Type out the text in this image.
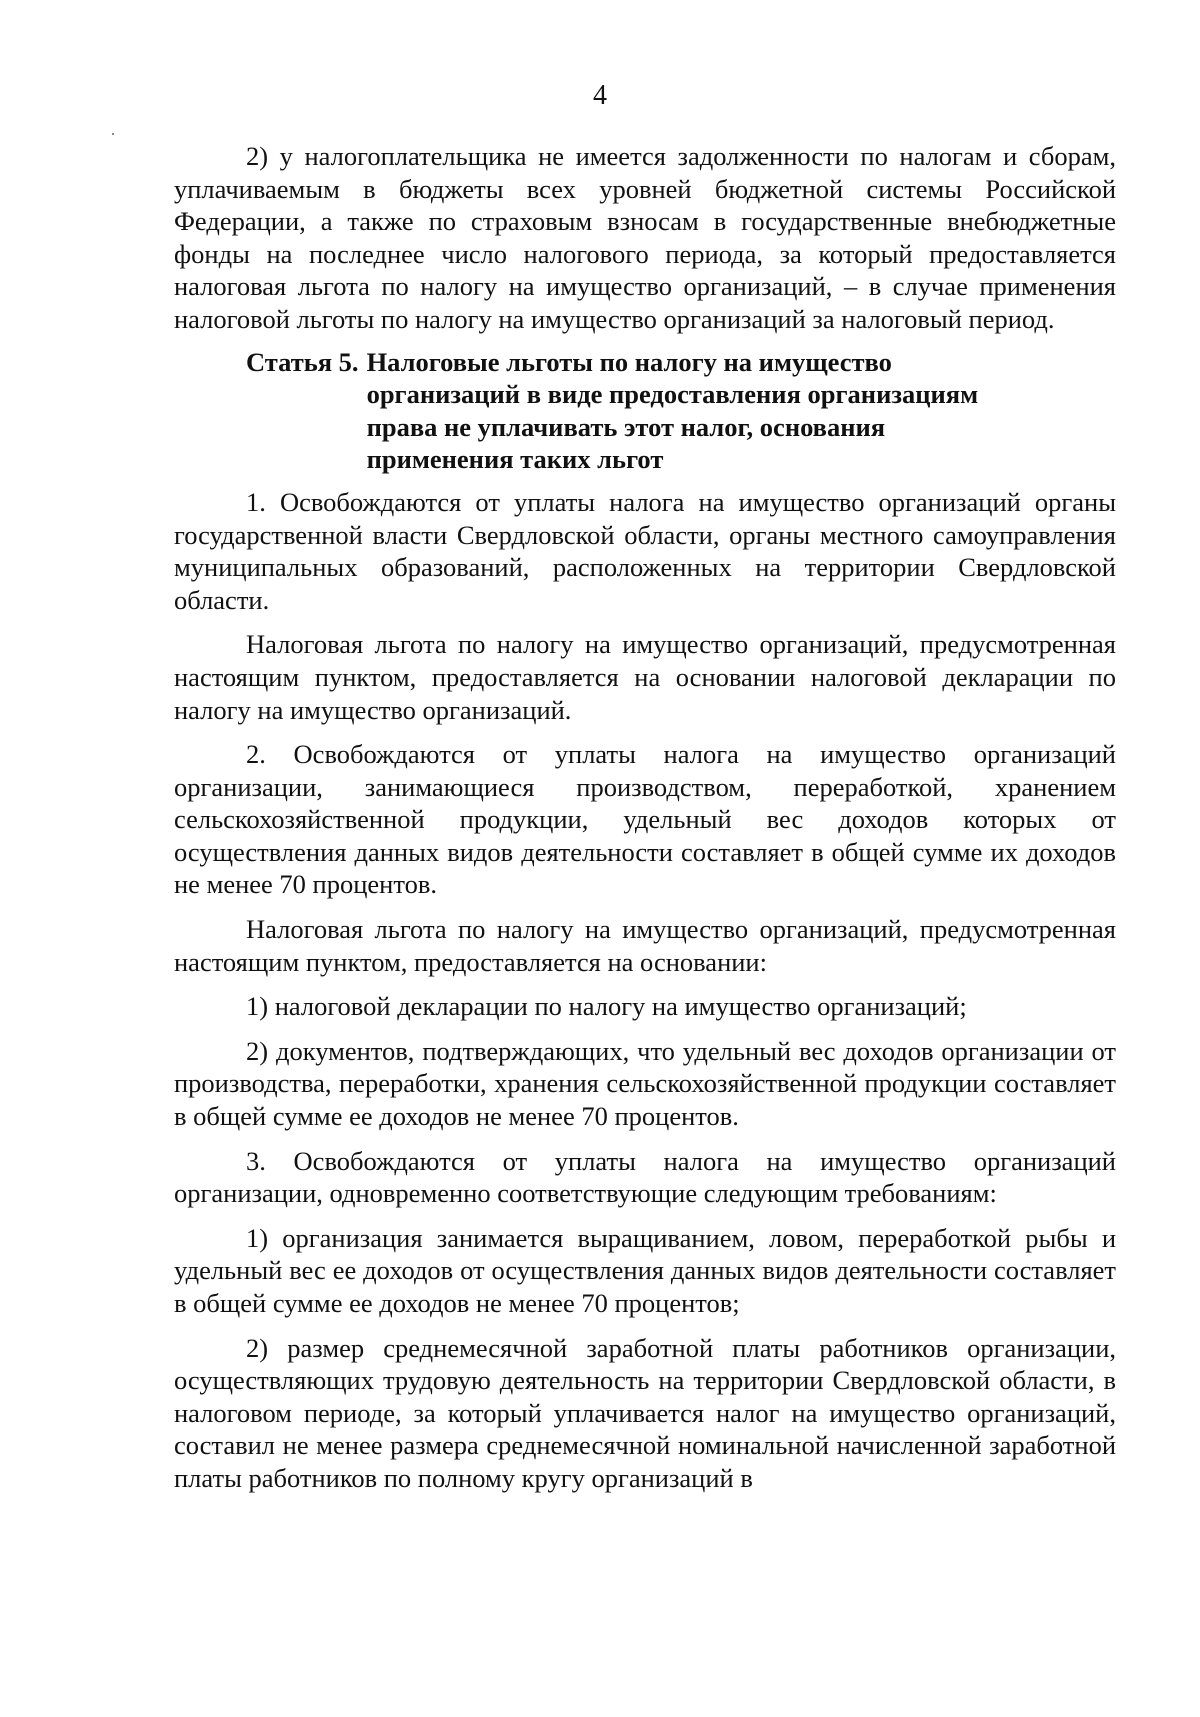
4

2) у налогоплательщика не имеется задолженности по налогам и сборам, уплачиваемым в бюджеты всех уровней бюджетной системы Российской Федерации, а также по страховым взносам в государственные внебюджетные фонды на последнее число налогового периода, за который предоставляется налоговая льгота по налогу на имущество организаций, – в случае применения налоговой льготы по налогу на имущество организаций за налоговый период.

Статья 5. Налоговые льготы по налогу на имущество организаций в виде предоставления организациям права не уплачивать этот налог, основания применения таких льгот

1. Освобождаются от уплаты налога на имущество организаций органы государственной власти Свердловской области, органы местного самоуправления муниципальных образований, расположенных на территории Свердловской области.

Налоговая льгота по налогу на имущество организаций, предусмотренная настоящим пунктом, предоставляется на основании налоговой декларации по налогу на имущество организаций.

2. Освобождаются от уплаты налога на имущество организаций организации, занимающиеся производством, переработкой, хранением сельскохозяйственной продукции, удельный вес доходов которых от осуществления данных видов деятельности составляет в общей сумме их доходов не менее 70 процентов.

Налоговая льгота по налогу на имущество организаций, предусмотренная настоящим пунктом, предоставляется на основании:

1) налоговой декларации по налогу на имущество организаций;

2) документов, подтверждающих, что удельный вес доходов организации от производства, переработки, хранения сельскохозяйственной продукции составляет в общей сумме ее доходов не менее 70 процентов.

3. Освобождаются от уплаты налога на имущество организаций организации, одновременно соответствующие следующим требованиям:

1) организация занимается выращиванием, ловом, переработкой рыбы и удельный вес ее доходов от осуществления данных видов деятельности составляет в общей сумме ее доходов не менее 70 процентов;

2) размер среднемесячной заработной платы работников организации, осуществляющих трудовую деятельность на территории Свердловской области, в налоговом периоде, за который уплачивается налог на имущество организаций, составил не менее размера среднемесячной номинальной начисленной заработной платы работников по полному кругу организаций в
